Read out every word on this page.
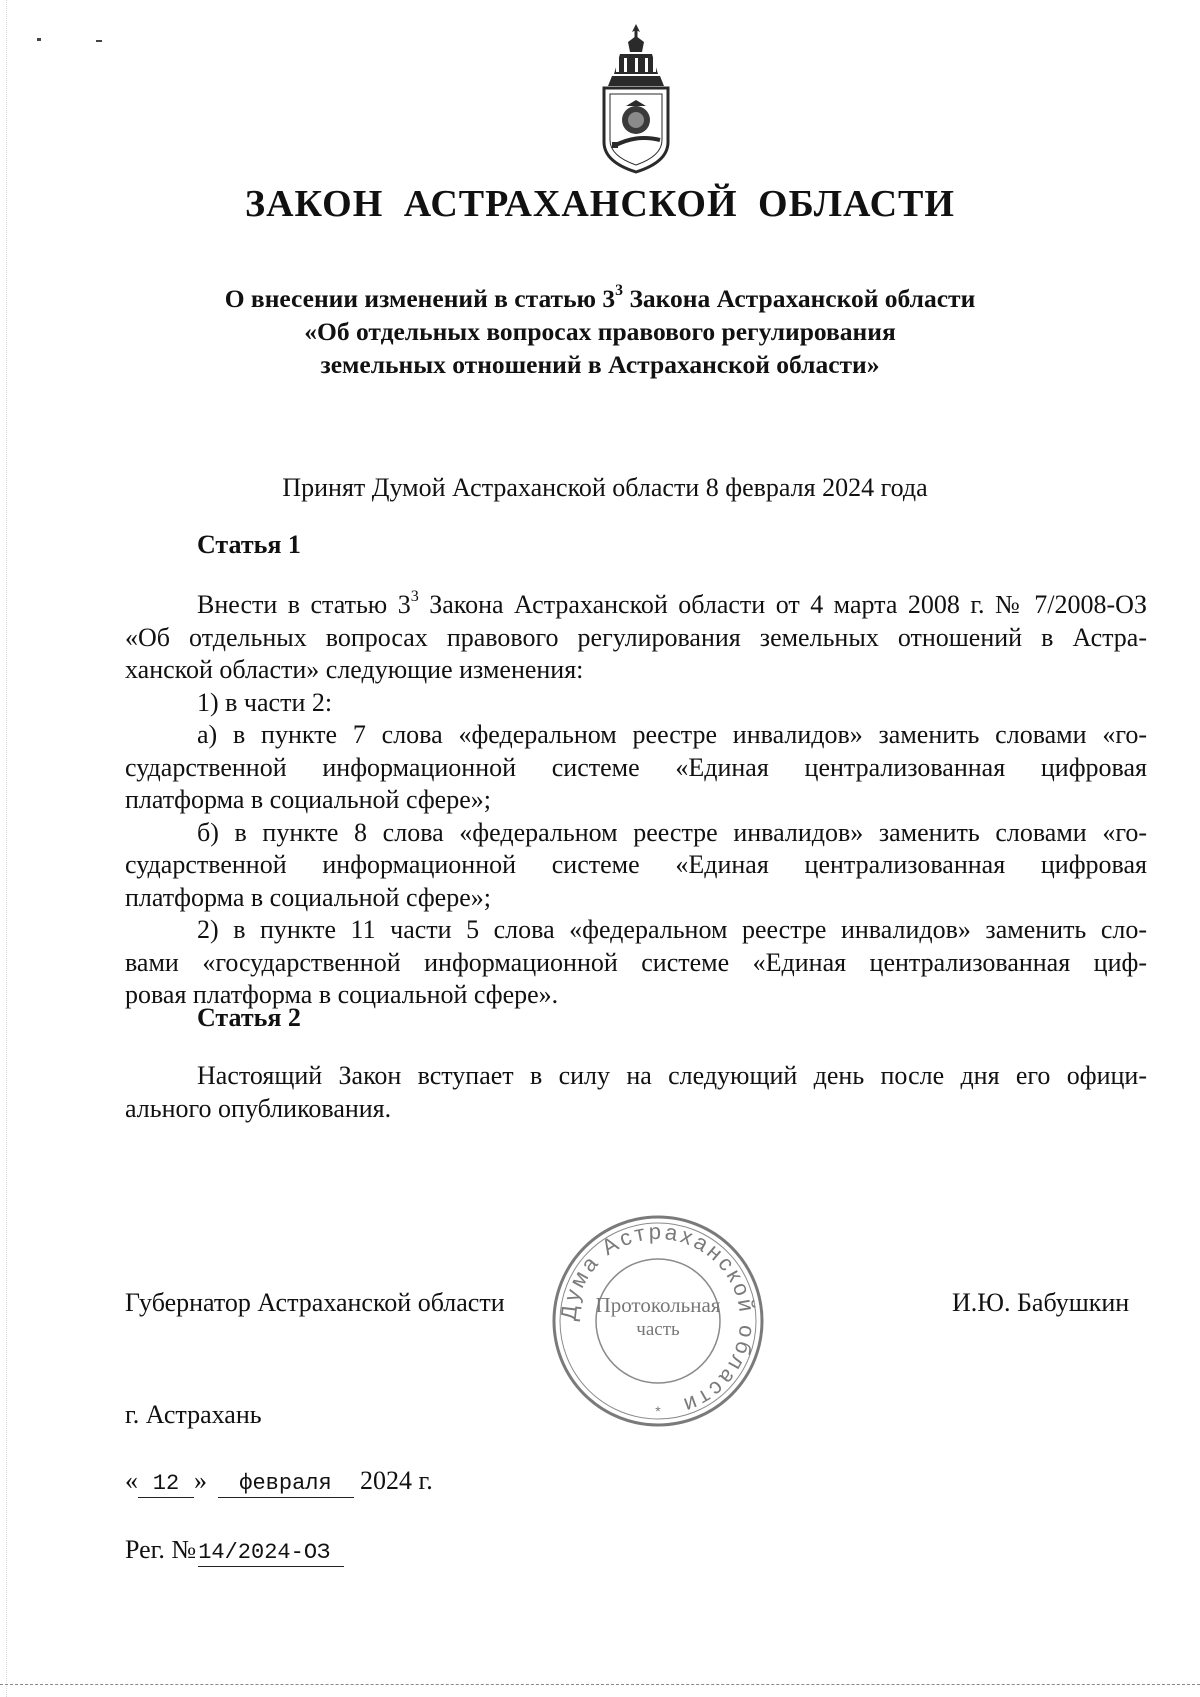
ЗАКОН АСТРАХАНСКОЙ ОБЛАСТИ
О внесении изменений в статью $3^3$ Закона Астраханской области
«Об отдельных вопросах правового регулирования
земельных отношений в Астраханской области»
Принят Думой Астраханской области 8 февраля 2024 года
Статья 1
Внести в статью $3^3$ Закона Астраханской области от 4 марта 2008 г. № 7/2008-ОЗ
«Об отдельных вопросах правового регулирования земельных отношений в Астра-
ханской области» следующие изменения:
1) в части 2:
а) в пункте 7 слова «федеральном реестре инвалидов» заменить словами «го-
сударственной информационной системе «Единая централизованная цифровая
платформа в социальной сфере»;
б) в пункте 8 слова «федеральном реестре инвалидов» заменить словами «го-
сударственной информационной системе «Единая централизованная цифровая
платформа в социальной сфере»;
2) в пункте 11 части 5 слова «федеральном реестре инвалидов» заменить сло-
вами «государственной информационной системе «Единая централизованная циф-
ровая платформа в социальной сфере».
Статья 2
Настоящий Закон вступает в силу на следующий день после дня его офици-
ального опубликования.
Дума Астраханской области
*
Протокольная
часть
Губернатор Астраханской области	И.Ю. Бабушкин
г. Астрахань
« 12 » февраля 2024 г.
Рег. №14/2024-ОЗ
